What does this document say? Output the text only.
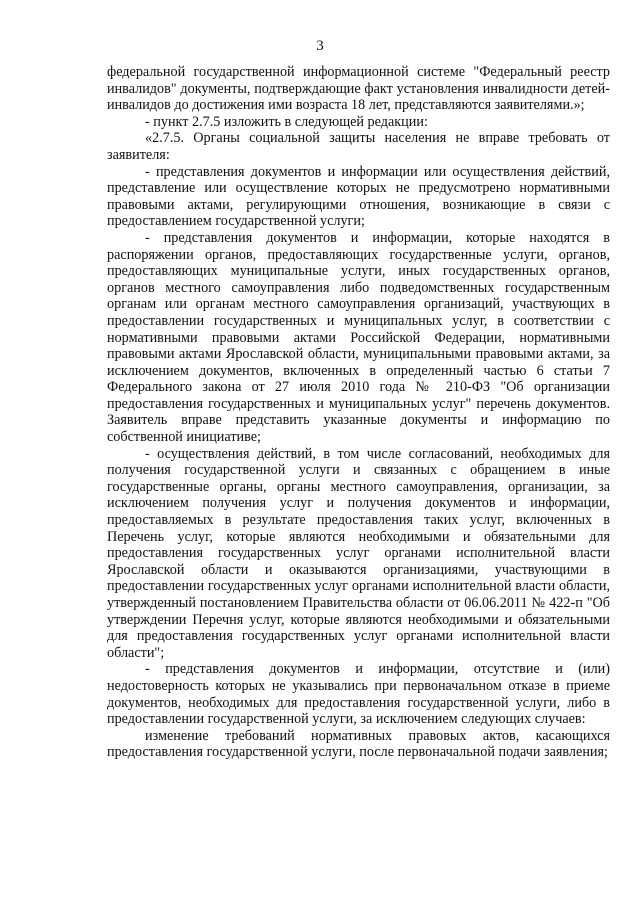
3

федеральной государственной информационной системе "Федеральный реестр инвалидов" документы, подтверждающие факт установления инвалидности детей-инвалидов до достижения ими возраста 18 лет, представляются заявителями.»;

- пункт 2.7.5 изложить в следующей редакции:

«2.7.5. Органы социальной защиты населения не вправе требовать от заявителя:

- представления документов и информации или осуществления действий, представление или осуществление которых не предусмотрено нормативными правовыми актами, регулирующими отношения, возникающие в связи с предоставлением государственной услуги;

- представления документов и информации, которые находятся в распоряжении органов, предоставляющих государственные услуги, органов, предоставляющих муниципальные услуги, иных государственных органов, органов местного самоуправления либо подведомственных государственным органам или органам местного самоуправления организаций, участвующих в предоставлении государственных и муниципальных услуг, в соответствии с нормативными правовыми актами Российской Федерации, нормативными правовыми актами Ярославской области, муниципальными правовыми актами, за исключением документов, включенных в определенный частью 6 статьи 7 Федерального закона от 27 июля 2010 года № 210-ФЗ "Об организации предоставления государственных и муниципальных услуг" перечень документов. Заявитель вправе представить указанные документы и информацию по собственной инициативе;

- осуществления действий, в том числе согласований, необходимых для получения государственной услуги и связанных с обращением в иные государственные органы, органы местного самоуправления, организации, за исключением получения услуг и получения документов и информации, предоставляемых в результате предоставления таких услуг, включенных в Перечень услуг, которые являются необходимыми и обязательными для предоставления государственных услуг органами исполнительной власти Ярославской области и оказываются организациями, участвующими в предоставлении государственных услуг органами исполнительной власти области, утвержденный постановлением Правительства области от 06.06.2011 № 422-п "Об утверждении Перечня услуг, которые являются необходимыми и обязательными для предоставления государственных услуг органами исполнительной власти области";

- представления документов и информации, отсутствие и (или) недостоверность которых не указывались при первоначальном отказе в приеме документов, необходимых для предоставления государственной услуги, либо в предоставлении государственной услуги, за исключением следующих случаев:

изменение требований нормативных правовых актов, касающихся предоставления государственной услуги, после первоначальной подачи заявления;
